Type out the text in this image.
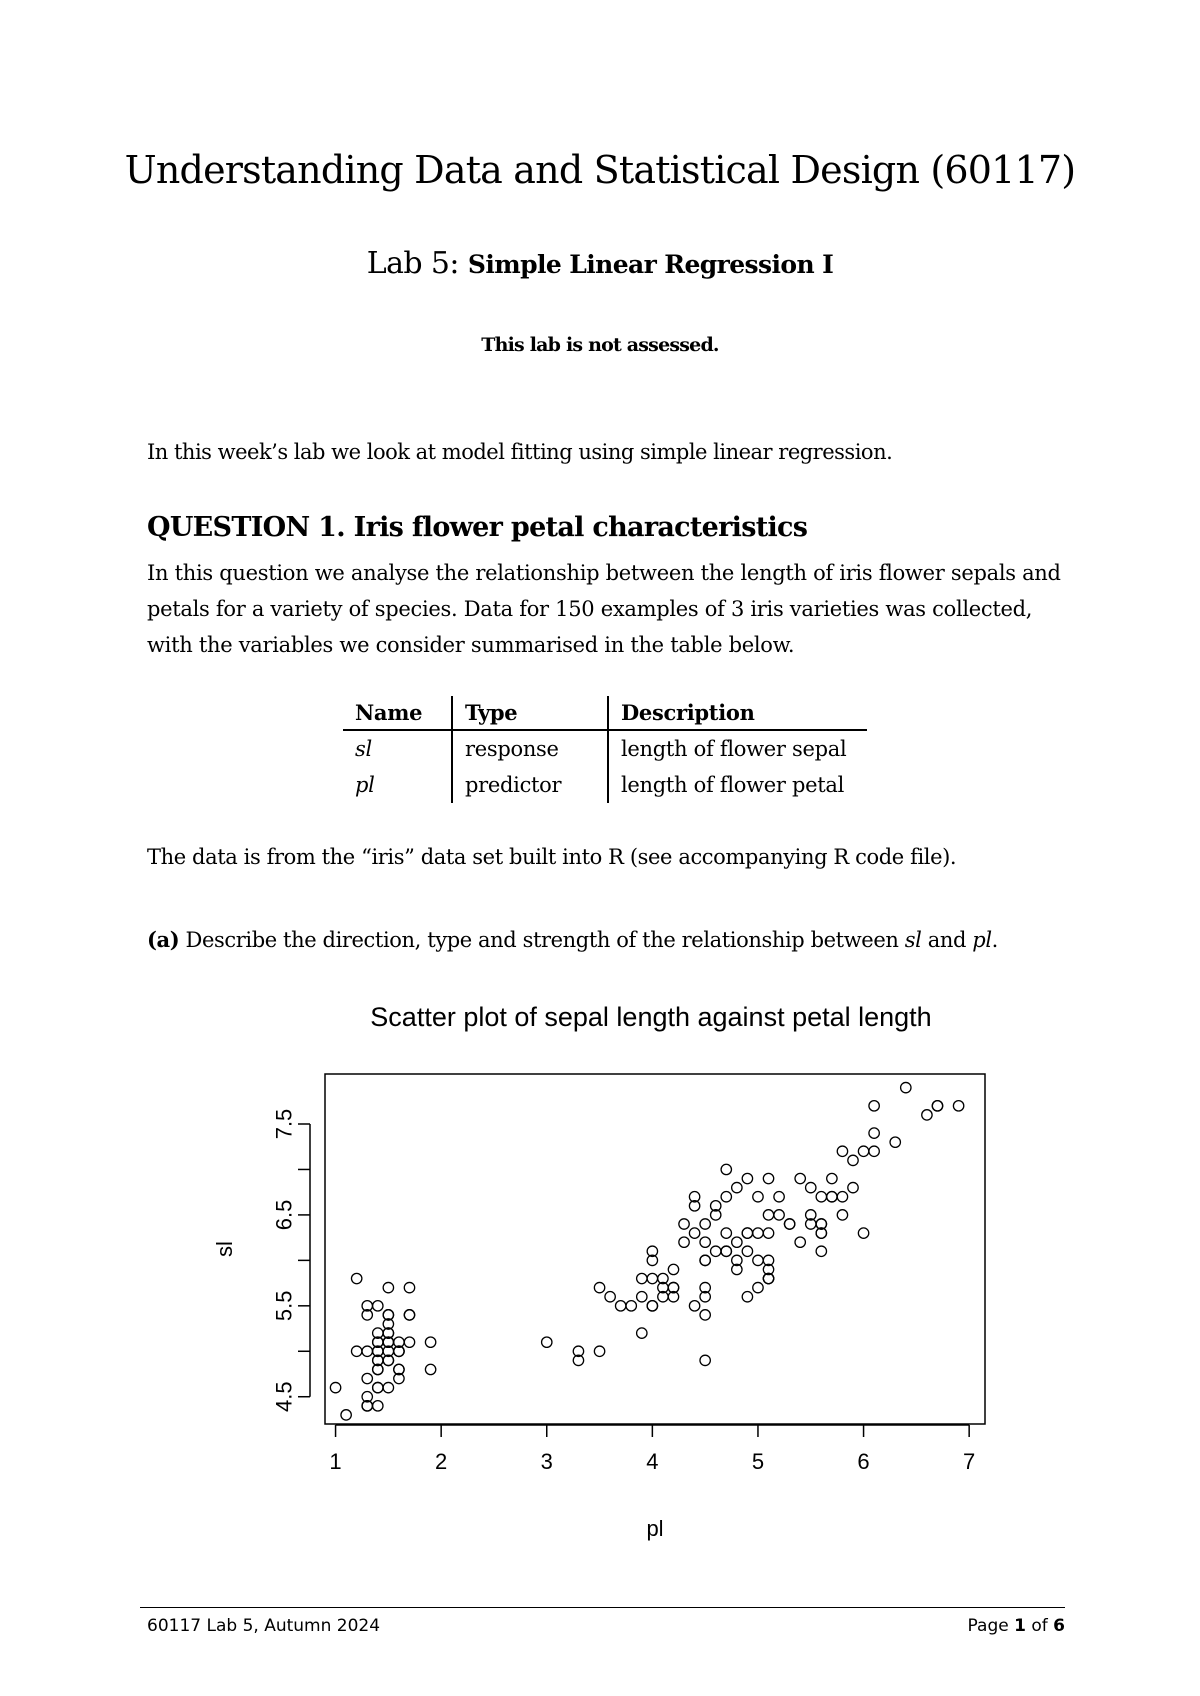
Understanding Data and Statistical Design (60117)
Lab 5: Simple Linear Regression I
This lab is not assessed.
In this week’s lab we look at model fitting using simple linear regression.
QUESTION 1. Iris flower petal characteristics
In this question we analyse the relationship between the length of iris flower sepals and petals for a variety of species. Data for 150 examples of 3 iris varieties was collected, with the variables we consider summarised in the table below.
Name	Type	Description
sl	response	length of flower sepal
pl	predictor	length of flower petal
The data is from the “iris” data set built into R (see accompanying R code file).
(a) Describe the direction, type and strength of the relationship between sl and pl.
Scatter plot of sepal length against petal length
1	2	3	4	5	6	7
4.5
5.5
6.5
7.5
pl
sl
60117 Lab 5, Autumn 2024	Page 1 of 6
